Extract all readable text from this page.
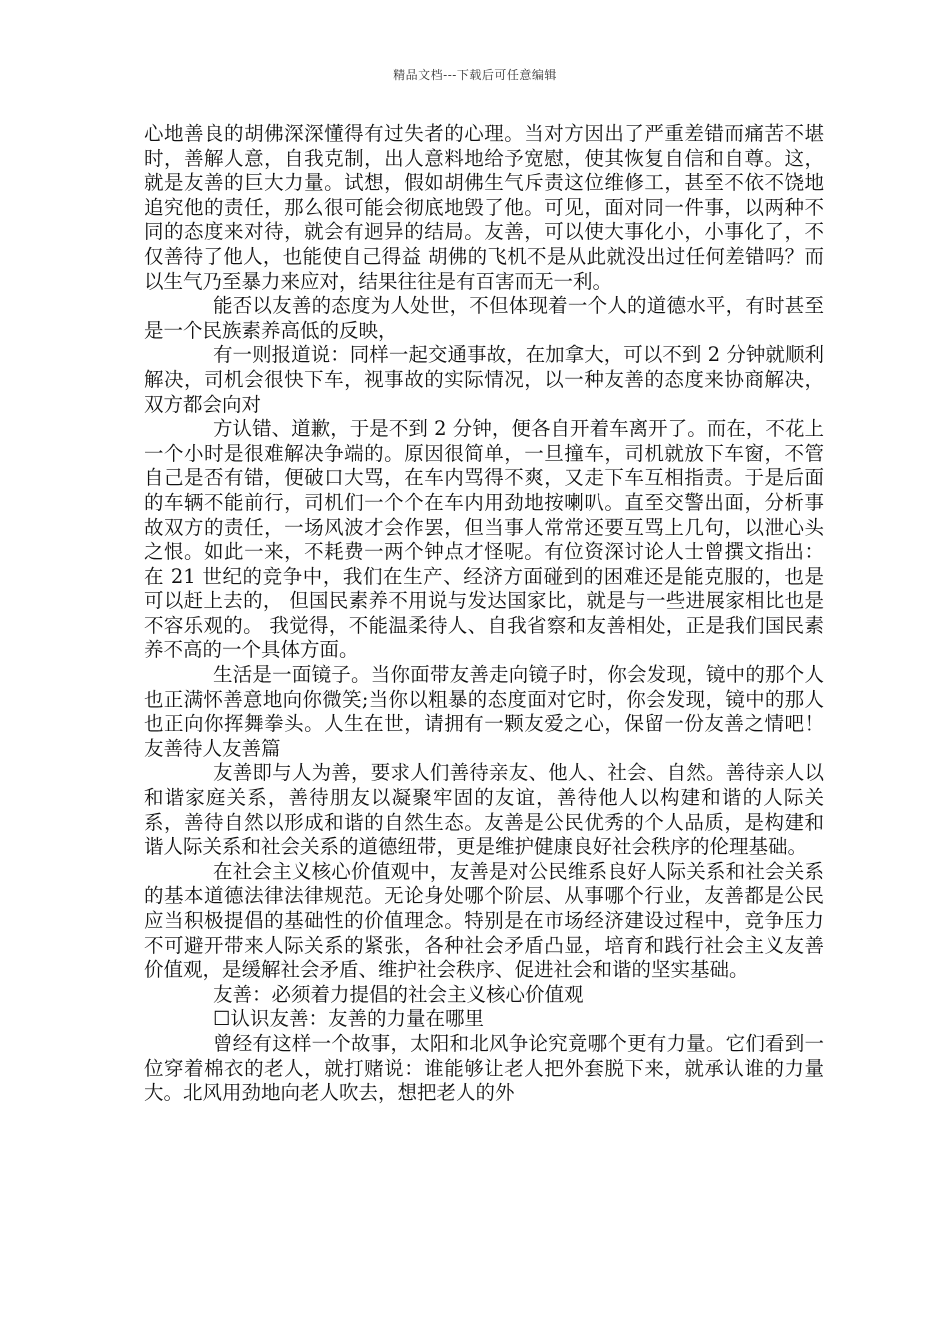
精品文档---下载后可任意编辑

心地善良的胡佛深深懂得有过失者的心理。当对方因出了严重差错而痛苦不堪时，善解人意，自我克制，出人意料地给予宽慰，使其恢复自信和自尊。这，就是友善的巨大力量。试想，假如胡佛生气斥责这位维修工，甚至不依不饶地追究他的责任，那么很可能会彻底地毁了他。可见，面对同一件事，以两种不同的态度来对待，就会有迥异的结局。友善，可以使大事化小，小事化了，不仅善待了他人，也能使自己得益 胡佛的飞机不是从此就没出过任何差错吗？而以生气乃至暴力来应对，结果往往是有百害而无一利。

能否以友善的态度为人处世，不但体现着一个人的道德水平，有时甚至是一个民族素养高低的反映，

有一则报道说：同样一起交通事故，在加拿大，可以不到 2 分钟就顺利解决，司机会很快下车，视事故的实际情况，以一种友善的态度来协商解决，双方都会向对

方认错、道歉，于是不到 2 分钟，便各自开着车离开了。而在，不花上一个小时是很难解决争端的。原因很简单，一旦撞车，司机就放下车窗，不管自己是否有错，便破口大骂，在车内骂得不爽，又走下车互相指责。于是后面的车辆不能前行，司机们一个个在车内用劲地按喇叭。直至交警出面，分析事故双方的责任，一场风波才会作罢，但当事人常常还要互骂上几句，以泄心头之恨。如此一来，不耗费一两个钟点才怪呢。有位资深讨论人士曾撰文指出： 在 21 世纪的竞争中，我们在生产、经济方面碰到的困难还是能克服的，也是可以赶上去的， 但国民素养不用说与发达国家比，就是与一些进展家相比也是不容乐观的。 我觉得，不能温柔待人、自我省察和友善相处，正是我们国民素养不高的一个具体方面。

生活是一面镜子。当你面带友善走向镜子时，你会发现，镜中的那个人也正满怀善意地向你微笑;当你以粗暴的态度面对它时，你会发现，镜中的那人也正向你挥舞拳头。人生在世，请拥有一颗友爱之心，保留一份友善之情吧！友善待人友善篇

友善即与人为善，要求人们善待亲友、他人、社会、自然。善待亲人以和谐家庭关系，善待朋友以凝聚牢固的友谊，善待他人以构建和谐的人际关系，善待自然以形成和谐的自然生态。友善是公民优秀的个人品质，是构建和谐人际关系和社会关系的道德纽带，更是维护健康良好社会秩序的伦理基础。

在社会主义核心价值观中，友善是对公民维系良好人际关系和社会关系的基本道德法律法律规范。无论身处哪个阶层、从事哪个行业，友善都是公民应当积极提倡的基础性的价值理念。特别是在市场经济建设过程中，竞争压力不可避开带来人际关系的紧张，各种社会矛盾凸显，培育和践行社会主义友善价值观，是缓解社会矛盾、维护社会秩序、促进社会和谐的坚实基础。

友善：必须着力提倡的社会主义核心价值观

☐认识友善：友善的力量在哪里

曾经有这样一个故事，太阳和北风争论究竟哪个更有力量。它们看到一位穿着棉衣的老人，就打赌说：谁能够让老人把外套脱下来，就承认谁的力量大。北风用劲地向老人吹去，想把老人的外
